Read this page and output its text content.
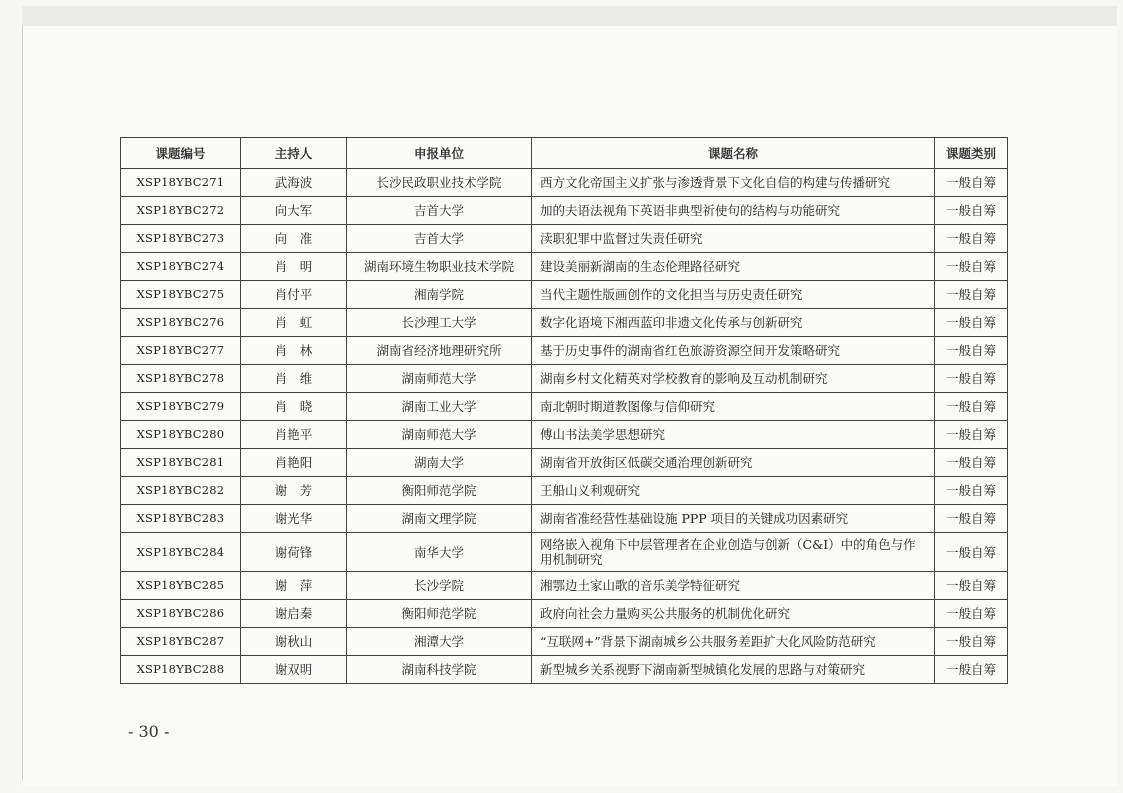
课题编号	主持人	申报单位	课题名称	课题类别
XSP18YBC271	武海波	长沙民政职业技术学院	西方文化帝国主义扩张与渗透背景下文化自信的构建与传播研究	一般自筹
XSP18YBC272	向大军	吉首大学	加的夫语法视角下英语非典型祈使句的结构与功能研究	一般自筹
XSP18YBC273	向　准	吉首大学	渎职犯罪中监督过失责任研究	一般自筹
XSP18YBC274	肖　明	湖南环境生物职业技术学院	建设美丽新湖南的生态伦理路径研究	一般自筹
XSP18YBC275	肖付平	湘南学院	当代主题性版画创作的文化担当与历史责任研究	一般自筹
XSP18YBC276	肖　虹	长沙理工大学	数字化语境下湘西蓝印非遗文化传承与创新研究	一般自筹
XSP18YBC277	肖　林	湖南省经济地理研究所	基于历史事件的湖南省红色旅游资源空间开发策略研究	一般自筹
XSP18YBC278	肖　维	湖南师范大学	湖南乡村文化精英对学校教育的影响及互动机制研究	一般自筹
XSP18YBC279	肖　晓	湖南工业大学	南北朝时期道教图像与信仰研究	一般自筹
XSP18YBC280	肖艳平	湖南师范大学	傅山书法美学思想研究	一般自筹
XSP18YBC281	肖艳阳	湖南大学	湖南省开放街区低碳交通治理创新研究	一般自筹
XSP18YBC282	谢　芳	衡阳师范学院	王船山义利观研究	一般自筹
XSP18YBC283	谢光华	湖南文理学院	湖南省准经营性基础设施 PPP 项目的关键成功因素研究	一般自筹
XSP18YBC284	谢荷锋	南华大学	网络嵌入视角下中层管理者在企业创造与创新（C&I）中的角色与作用机制研究	一般自筹
XSP18YBC285	谢　萍	长沙学院	湘鄂边土家山歌的音乐美学特征研究	一般自筹
XSP18YBC286	谢启秦	衡阳师范学院	政府向社会力量购买公共服务的机制优化研究	一般自筹
XSP18YBC287	谢秋山	湘潭大学	“互联网+”背景下湖南城乡公共服务差距扩大化风险防范研究	一般自筹
XSP18YBC288	谢双明	湖南科技学院	新型城乡关系视野下湖南新型城镇化发展的思路与对策研究	一般自筹
- 30 -
